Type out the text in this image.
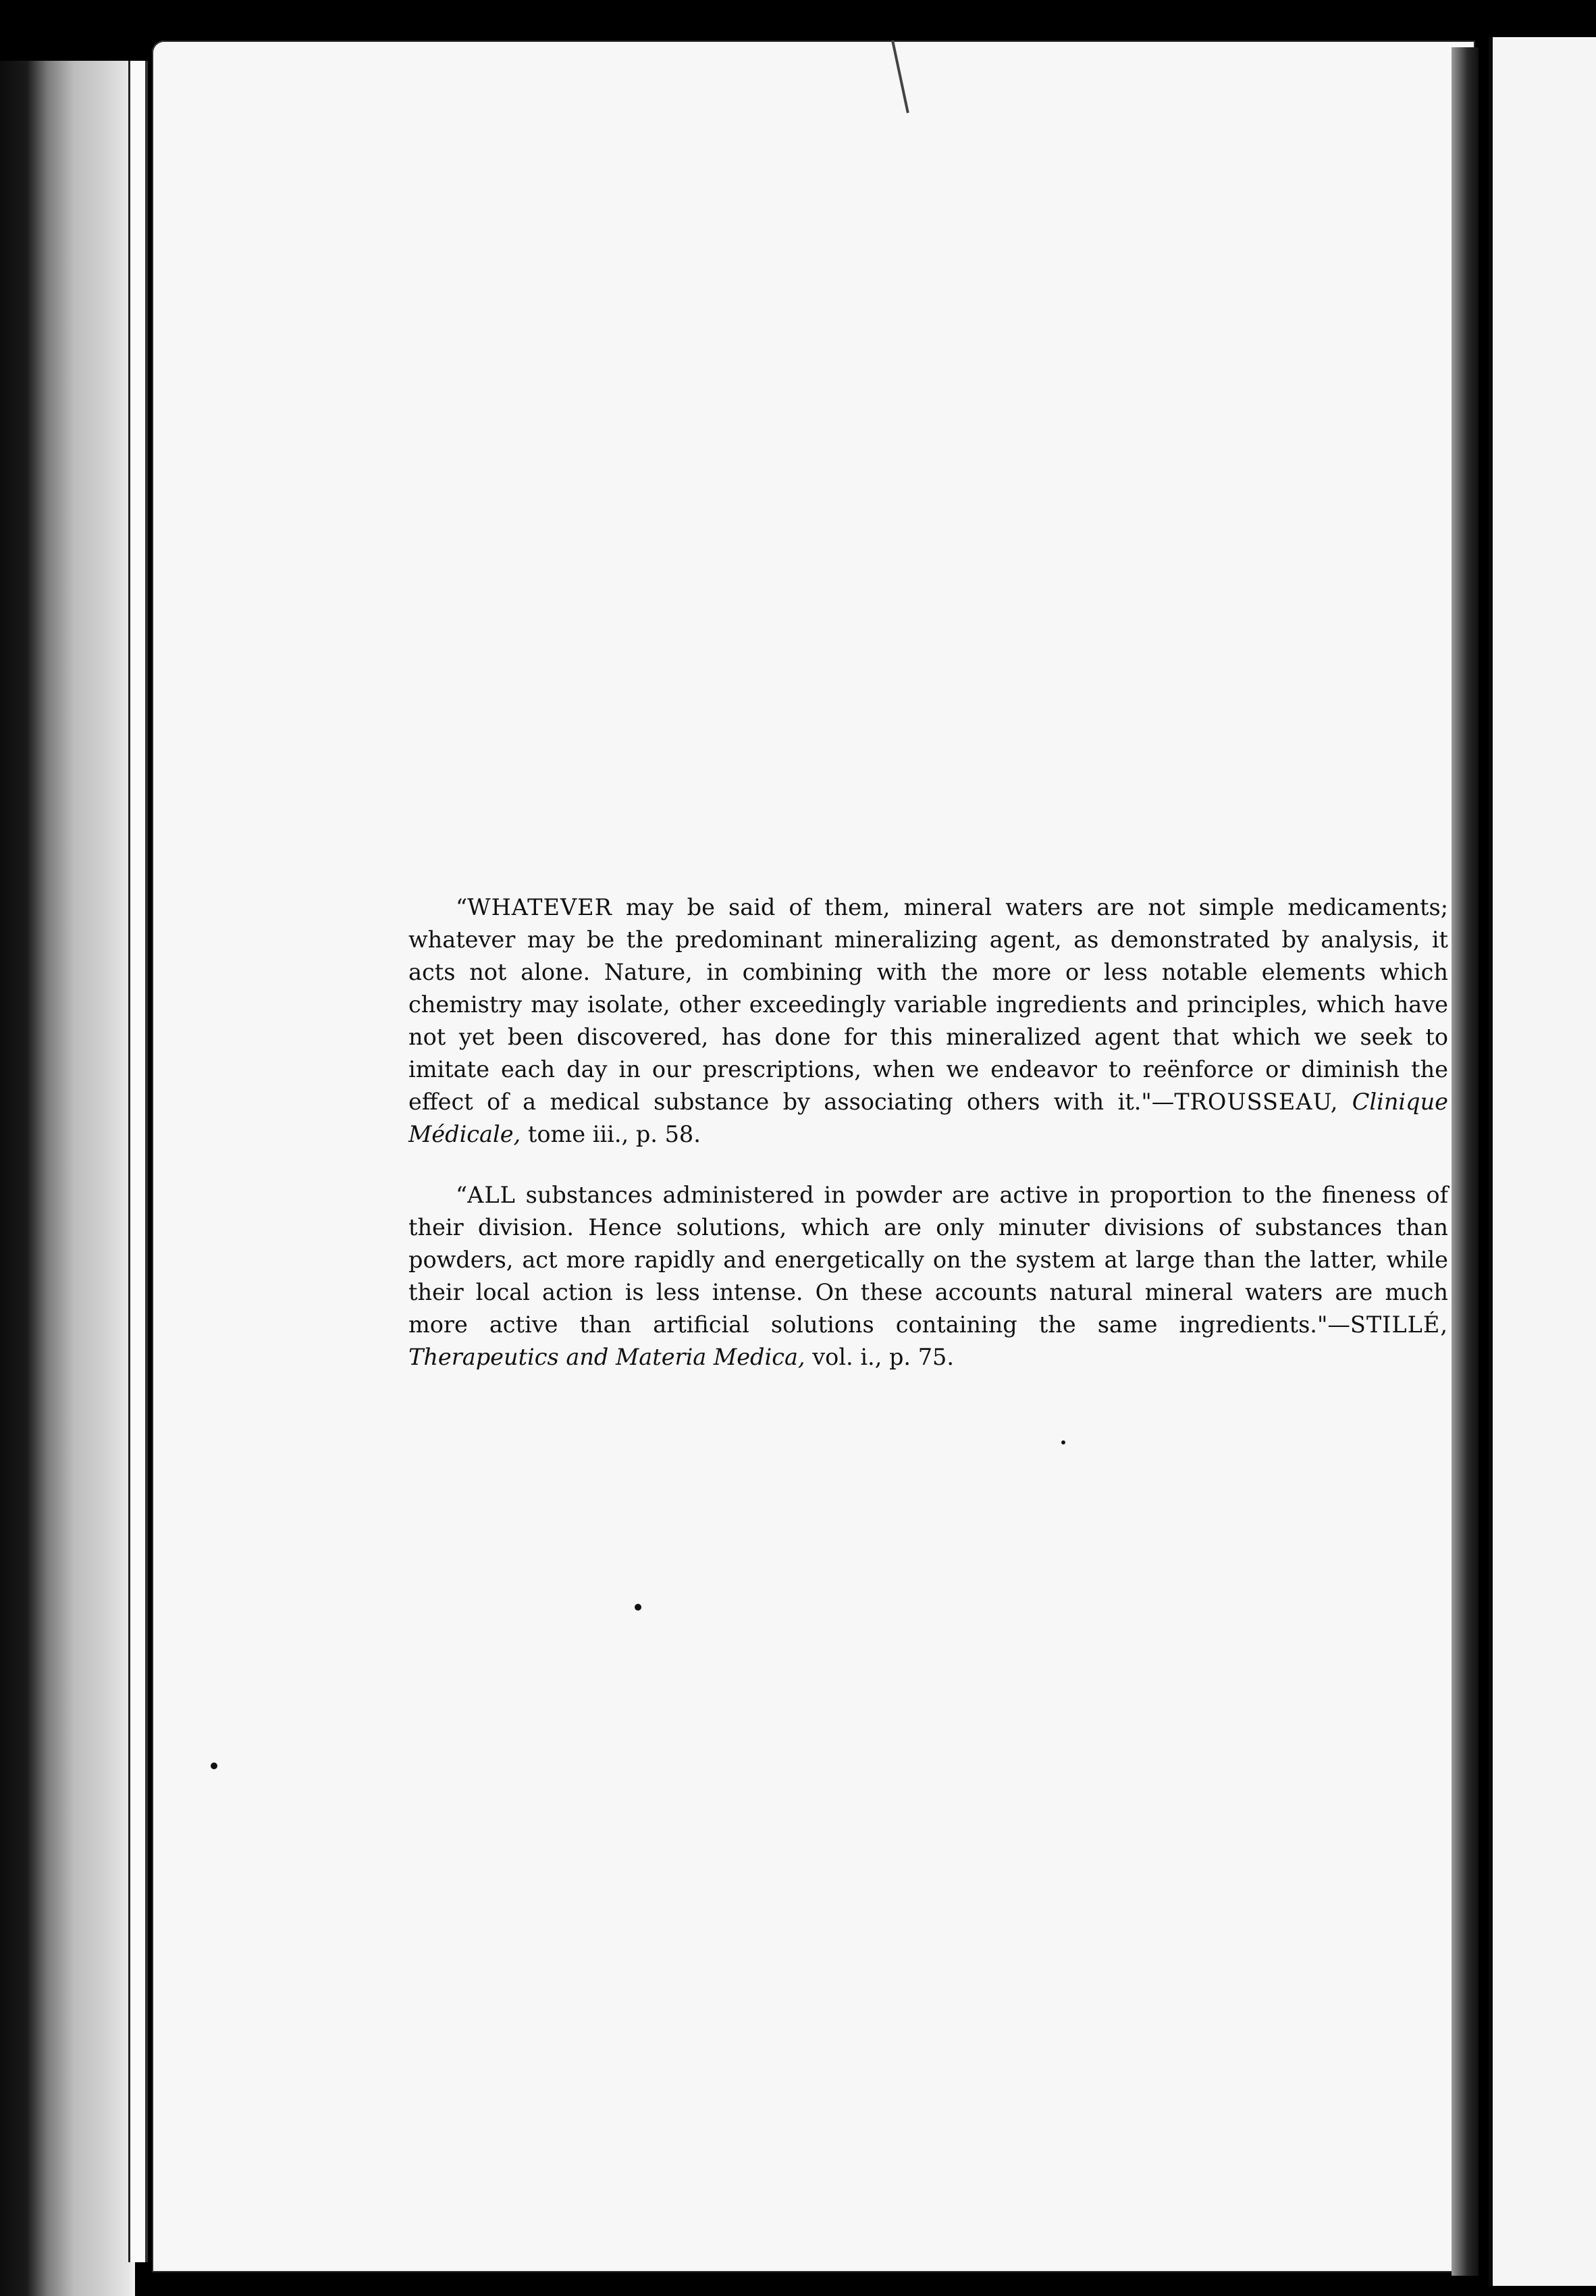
“WHATEVER may be said of them, mineral waters are not simple medicaments; whatever may be the predominant mineralizing agent, as demonstrated by analysis, it acts not alone. Nature, in combining with the more or less notable elements which chemistry may isolate, other exceedingly variable ingredients and principles, which have not yet been discovered, has done for this mineralized agent that which we seek to imitate each day in our prescriptions, when we endeavor to reënforce or diminish the effect of a medical substance by associating others with it."—TROUSSEAU, Clinique Médicale, tome iii., p. 58.

“ALL substances administered in powder are active in proportion to the fineness of their division. Hence solutions, which are only minuter divisions of substances than powders, act more rapidly and energetically on the system at large than the latter, while their local action is less intense. On these accounts natural mineral waters are much more active than artificial solutions containing the same ingredients."—STILLÉ, Therapeutics and Materia Medica, vol. i., p. 75.
